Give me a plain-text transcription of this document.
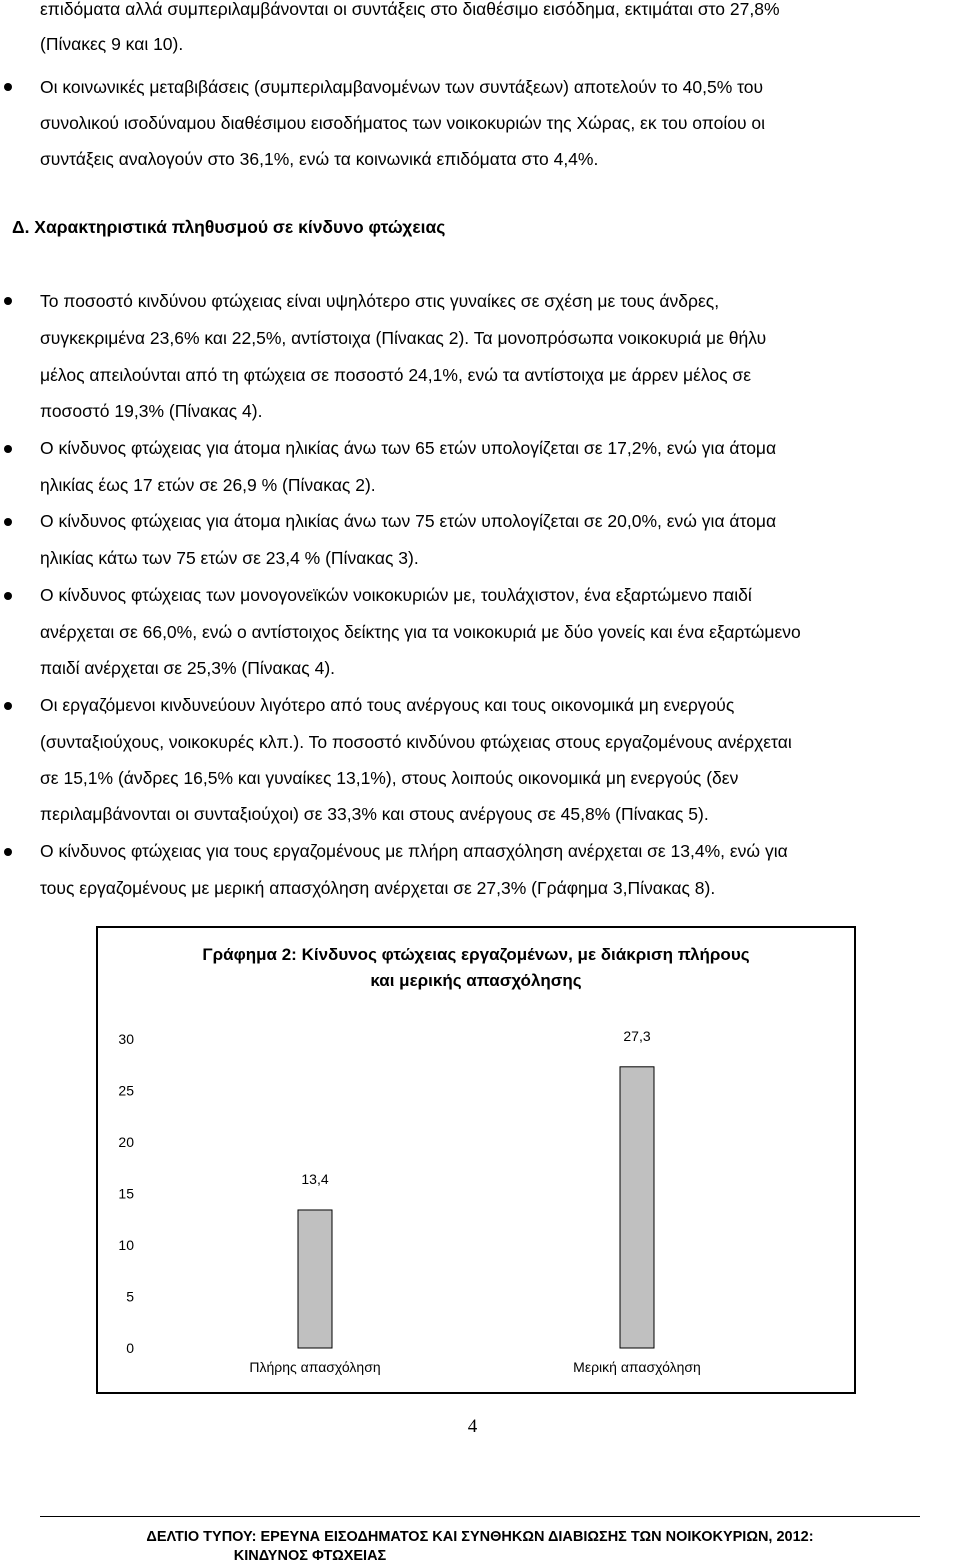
επιδόματα αλλά συμπεριλαμβάνονται οι συντάξεις στο διαθέσιμο εισόδημα, εκτιμάται στο 27,8%
(Πίνακες 9 και 10).
Οι κοινωνικές μεταβιβάσεις (συμπεριλαμβανομένων των συντάξεων) αποτελούν το 40,5% του
συνολικού ισοδύναμου διαθέσιμου εισοδήματος των νοικοκυριών της Χώρας, εκ του οποίου οι
συντάξεις αναλογούν στο 36,1%, ενώ τα κοινωνικά επιδόματα στο 4,4%.
Δ. Χαρακτηριστικά πληθυσμού σε κίνδυνο φτώχειας
Το ποσοστό κινδύνου φτώχειας είναι υψηλότερο στις γυναίκες σε σχέση με τους άνδρες,
συγκεκριμένα 23,6% και 22,5%, αντίστοιχα (Πίνακας 2). Τα μονοπρόσωπα νοικοκυριά με θήλυ
μέλος απειλούνται από τη φτώχεια σε ποσοστό 24,1%, ενώ τα αντίστοιχα με άρρεν μέλος σε
ποσοστό 19,3% (Πίνακας 4).
Ο κίνδυνος φτώχειας για άτομα ηλικίας άνω των 65 ετών υπολογίζεται σε 17,2%, ενώ για άτομα
ηλικίας έως 17 ετών σε 26,9 % (Πίνακας 2).
Ο κίνδυνος φτώχειας για άτομα ηλικίας άνω των 75 ετών υπολογίζεται σε 20,0%, ενώ για άτομα
ηλικίας κάτω των 75 ετών σε 23,4 % (Πίνακας 3).
Ο κίνδυνος φτώχειας των μονογονεϊκών νοικοκυριών με, τουλάχιστον, ένα εξαρτώμενο παιδί
ανέρχεται σε 66,0%, ενώ ο αντίστοιχος δείκτης για τα νοικοκυριά με δύο γονείς και ένα εξαρτώμενο
παιδί ανέρχεται σε 25,3% (Πίνακας 4).
Οι εργαζόμενοι κινδυνεύουν λιγότερο από τους ανέργους και τους οικονομικά μη ενεργούς
(συνταξιούχους, νοικοκυρές κλπ.). Το ποσοστό κινδύνου φτώχειας στους εργαζομένους ανέρχεται
σε 15,1% (άνδρες 16,5% και γυναίκες 13,1%), στους λοιπούς οικονομικά μη ενεργούς (δεν
περιλαμβάνονται οι συνταξιούχοι) σε 33,3% και στους ανέργους σε 45,8% (Πίνακας 5).
Ο κίνδυνος φτώχειας για τους εργαζομένους με πλήρη απασχόληση ανέρχεται σε 13,4%, ενώ για
τους εργαζομένους με μερική απασχόληση ανέρχεται σε 27,3% (Γράφημα 3,Πίνακας 8).
Γράφημα 2: Κίνδυνος φτώχειας εργαζομένων, με διάκριση πλήρους
και μερικής απασχόλησης
0
5
10
15
20
25
30
13,4
Πλήρης απασχόληση
27,3
Μερική απασχόληση
4
ΔΕΛΤΙΟ ΤΥΠΟΥ: ΕΡΕΥΝΑ ΕΙΣΟΔΗΜΑΤΟΣ ΚΑΙ ΣΥΝΘΗΚΩΝ ΔΙΑΒΙΩΣΗΣ ΤΩΝ ΝΟΙΚΟΚΥΡΙΩΝ, 2012:
ΚΙΝΔΥΝΟΣ ΦΤΩΧΕΙΑΣ
